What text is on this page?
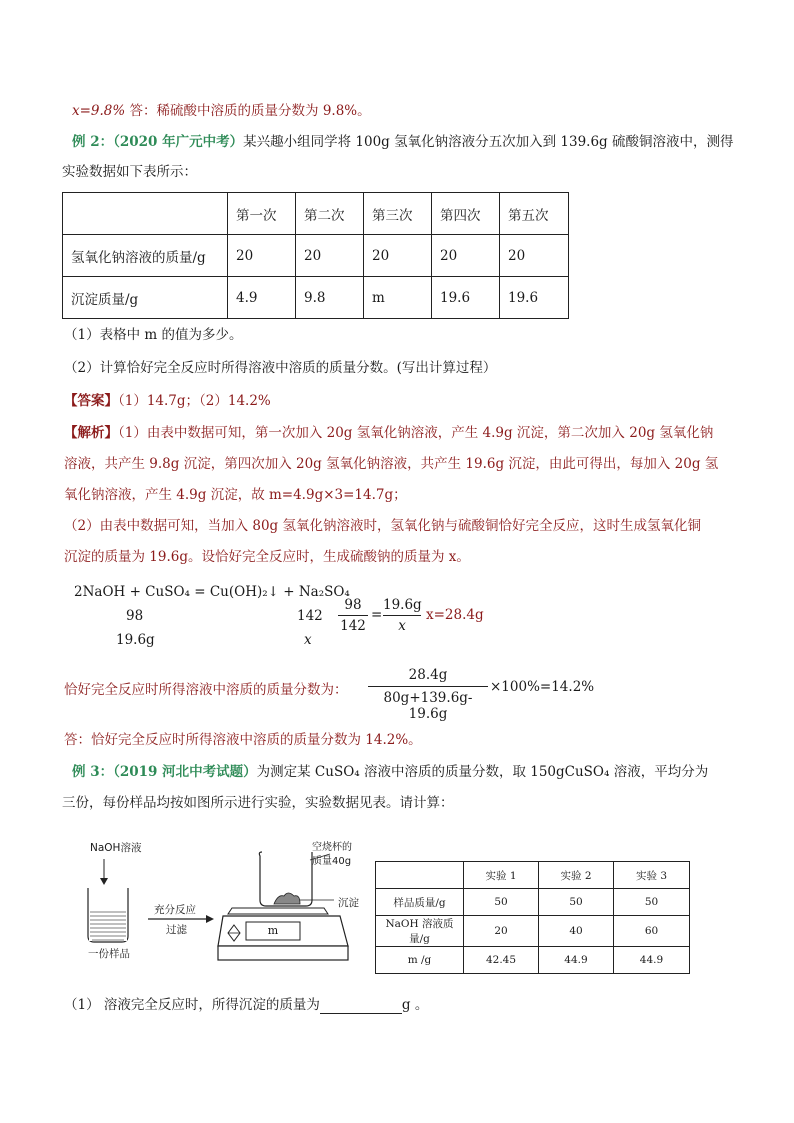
x=9.8% 答：稀硫酸中溶质的质量分数为 9.8%。
例 2：（2020 年广元中考）某兴趣小组同学将 100g 氢氧化钠溶液分五次加入到 139.6g 硫酸铜溶液中，测得
实验数据如下表所示：
	第一次	第二次	第三次	第四次	第五次
氢氧化钠溶液的质量/g	20	20	20	20	20
沉淀质量/g	4.9	9.8	m	19.6	19.6
（1）表格中 m 的值为多少。
（2）计算恰好完全反应时所得溶液中溶质的质量分数。(写出计算过程）
【答案】（1）14.7g；（2）14.2%
【解析】（1）由表中数据可知，第一次加入 20g 氢氧化钠溶液，产生 4.9g 沉淀，第二次加入 20g 氢氧化钠
溶液，共产生 9.8g 沉淀，第四次加入 20g 氢氧化钠溶液，共产生 19.6g 沉淀，由此可得出，每加入 20g 氢
氧化钠溶液，产生 4.9g 沉淀，故 m=4.9g×3=14.7g；
（2）由表中数据可知，当加入 80g 氢氧化钠溶液时，氢氧化钠与硫酸铜恰好完全反应，这时生成氢氧化铜
沉淀的质量为 19.6g。设恰好完全反应时，生成硫酸钠的质量为 x。
2NaOH + CuSO₄ = Cu(OH)₂↓ + Na₂SO₄
98	142
19.6g	x
98
142
=
19.6g
x
x=28.4g
恰好完全反应时所得溶液中溶质的质量分数为：
28.4g
80g+139.6g-19.6g
×100%=14.2%
答：恰好完全反应时所得溶液中溶质的质量分数为 14.2%。
例 3：（2019 河北中考试题）为测定某 CuSO₄ 溶液中溶质的质量分数，取 150gCuSO₄ 溶液，平均分为
三份，每份样品均按如图所示进行实验，实验数据见表。请计算：
NaOH溶液
一份样品
充分反应
过滤
空烧杯的
质量40g
沉淀
m
	实验 1	实验 2	实验 3
样品质量/g	50	50	50
NaOH 溶液质量/g	20	40	60
m /g	42.45	44.9	44.9
（1） 溶液完全反应时，所得沉淀的质量为	g 。
